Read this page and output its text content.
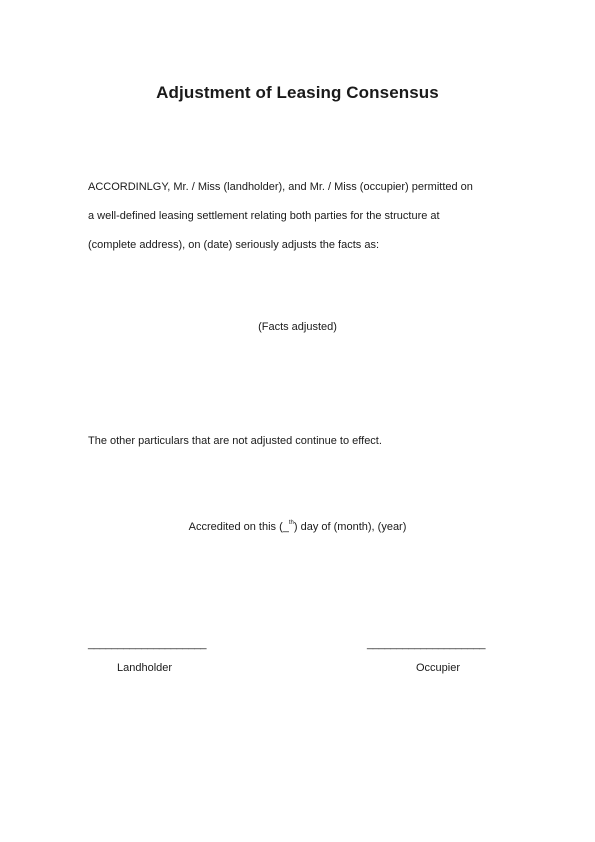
Adjustment of Leasing Consensus
ACCORDINLGY, Mr. / Miss (landholder), and Mr. / Miss (occupier) permitted on
a well-defined leasing settlement relating both parties for the structure at
(complete address), on (date) seriously adjusts the facts as:
(Facts adjusted)
The other particulars that are not adjusted continue to effect.
Accredited on this (_$^{th}$) day of (month), (year)
____________________	____________________
Landholder	Occupier
